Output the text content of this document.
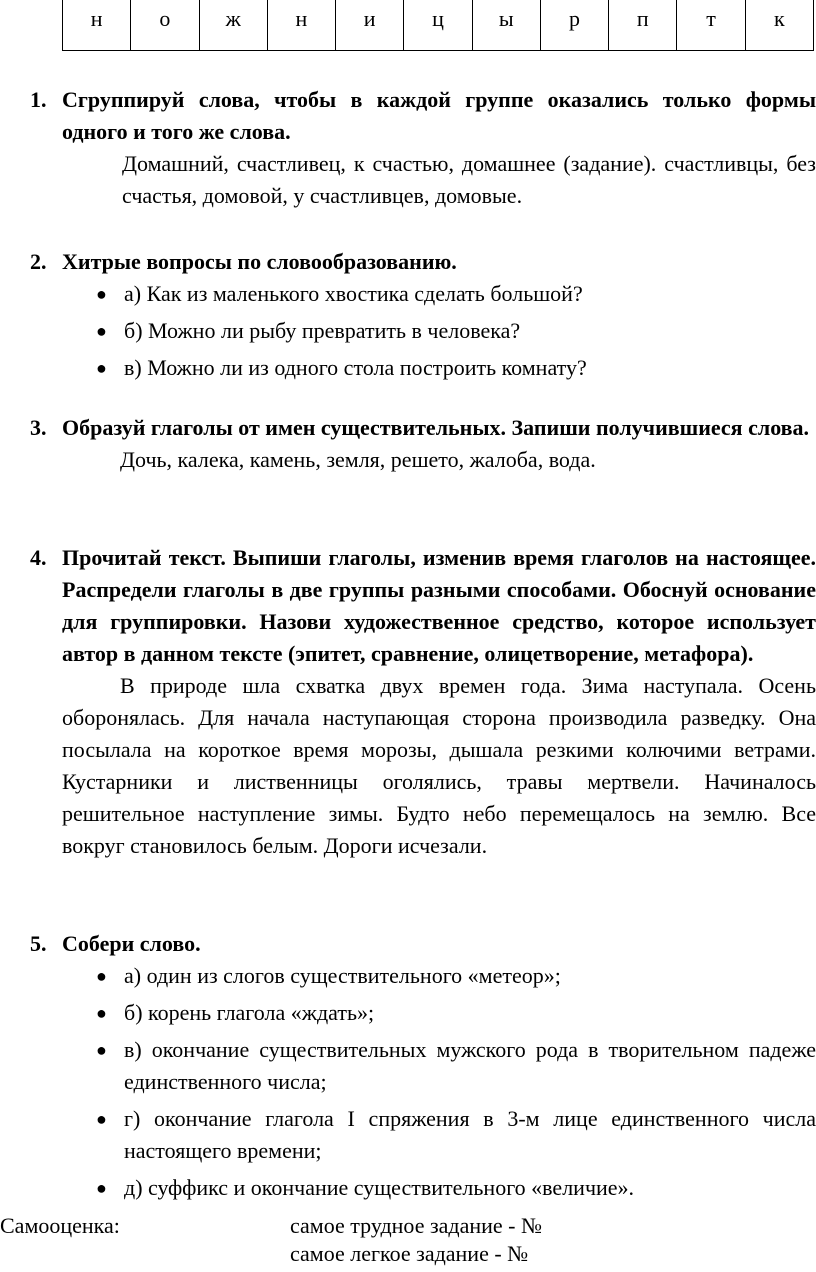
н	о	ж	н	и	ц	ы	р	п	т	к
1. Сгруппируй слова, чтобы в каждой группе оказались только формы одного и того же слова.
Домашний, счастливец, к счастью, домашнее (задание). счастливцы, без счастья, домовой, у счастливцев, домовые.
2. Хитрые вопросы по словообразованию.
● а) Как из маленького хвостика сделать большой?
● б) Можно ли рыбу превратить в человека?
● в) Можно ли из одного стола построить комнату?
3. Образуй глаголы от имен существительных. Запиши получившиеся слова.
Дочь, калека, камень, земля, решето, жалоба, вода.
4. Прочитай текст. Выпиши глаголы, изменив время глаголов на настоящее. Распредели глаголы в две группы разными способами. Обоснуй основание для группировки. Назови художественное средство, которое использует автор в данном тексте (эпитет, сравнение, олицетворение, метафора).
В природе шла схватка двух времен года. Зима наступала. Осень оборонялась. Для начала наступающая сторона производила разведку. Она посылала на короткое время морозы, дышала резкими колючими ветрами. Кустарники и лиственницы оголялись, травы мертвели. Начиналось решительное наступление зимы. Будто небо перемещалось на землю. Все вокруг становилось белым. Дороги исчезали.
5. Собери слово.
● а) один из слогов существительного «метеор»;
● б) корень глагола «ждать»;
● в) окончание существительных мужского рода в творительном падеже единственного числа;
● г) окончание глагола I спряжения в 3-м лице единственного числа настоящего времени;
● д) суффикс и окончание существительного «величие».
Самооценка:	самое трудное задание - №
самое легкое задание - №
